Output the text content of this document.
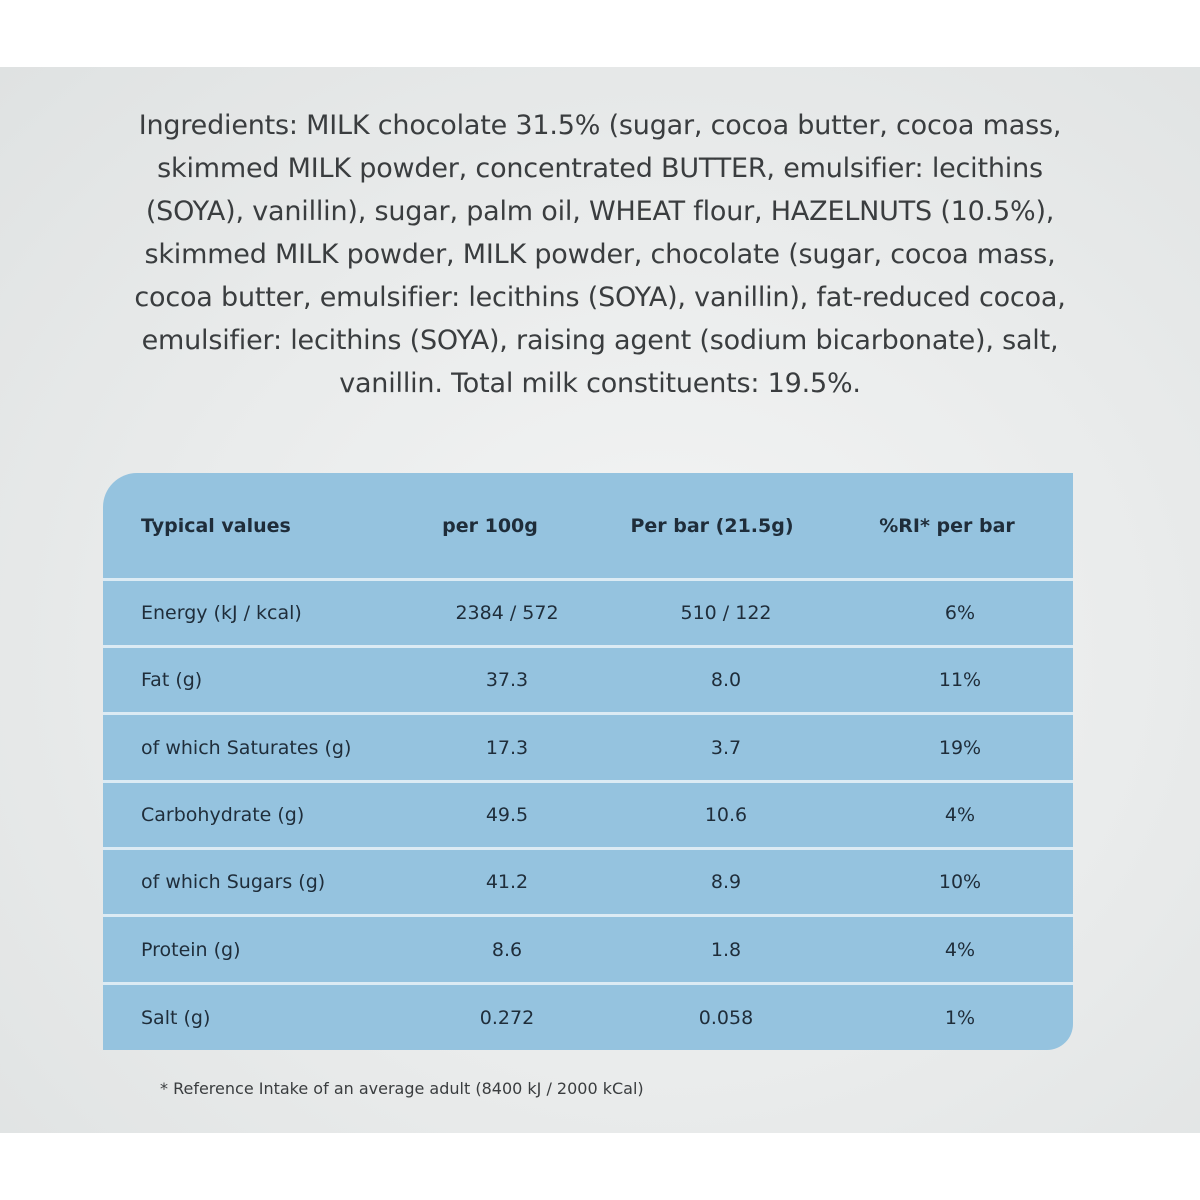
Ingredients: MILK chocolate 31.5% (sugar, cocoa butter, cocoa mass,
skimmed MILK powder, concentrated BUTTER, emulsifier: lecithins
(SOYA), vanillin), sugar, palm oil, WHEAT flour, HAZELNUTS (10.5%),
skimmed MILK powder, MILK powder, chocolate (sugar, cocoa mass,
cocoa butter, emulsifier: lecithins (SOYA), vanillin), fat-reduced cocoa,
emulsifier: lecithins (SOYA), raising agent (sodium bicarbonate), salt,
vanillin. Total milk constituents: 19.5%.
Typical values	per 100g	Per bar (21.5g)	%RI* per bar
Energy (kJ / kcal)	2384 / 572	510 / 122	6%
Fat (g)	37.3	8.0	11%
of which Saturates (g)	17.3	3.7	19%
Carbohydrate (g)	49.5	10.6	4%
of which Sugars (g)	41.2	8.9	10%
Protein (g)	8.6	1.8	4%
Salt (g)	0.272	0.058	1%
* Reference Intake of an average adult (8400 kJ / 2000 kCal)
